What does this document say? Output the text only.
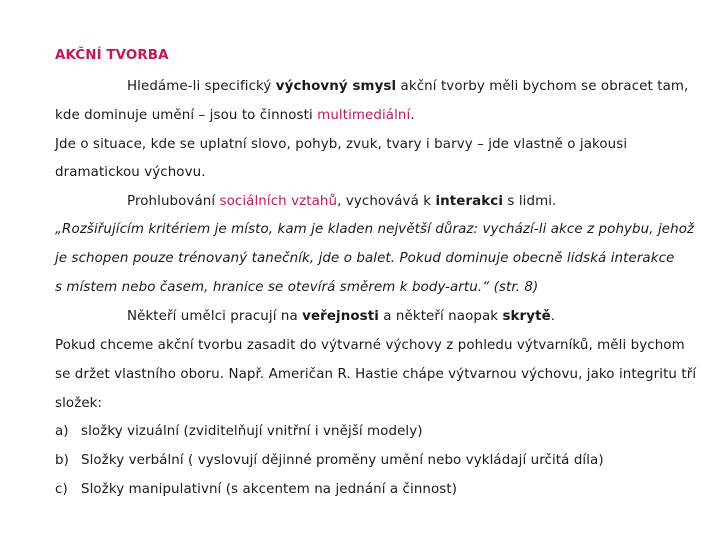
AKČNÍ TVORBA
Hledáme-li specifický výchovný smysl akční tvorby měli bychom se obracet tam,
kde dominuje umění – jsou to činnosti multimediální.
Jde o situace, kde se uplatní slovo, pohyb, zvuk, tvary i barvy – jde vlastně o jakousi
dramatickou výchovu.
Prohlubování sociálních vztahů, vychovává k interakci s lidmi.
„Rozšiřujícím kritériem je místo, kam je kladen největší důraz: vychází-li akce z pohybu, jehož
je schopen pouze trénovaný tanečník, jde o balet. Pokud dominuje obecně lidská interakce
s místem nebo časem, hranice se otevírá směrem k body-artu.“ (str. 8)
Někteří umělci pracují na veřejnosti a někteří naopak skrytě.
Pokud chceme akční tvorbu zasadit do výtvarné výchovy z pohledu výtvarníků, měli bychom
se držet vlastního oboru. Např. Američan R. Hastie chápe výtvarnou výchovu, jako integritu tří
složek:
a) složky vizuální (zviditelňují vnitřní i vnější modely)
b) Složky verbální ( vyslovují dějinné proměny umění nebo vykládají určitá díla)
c) Složky manipulativní (s akcentem na jednání a činnost)
